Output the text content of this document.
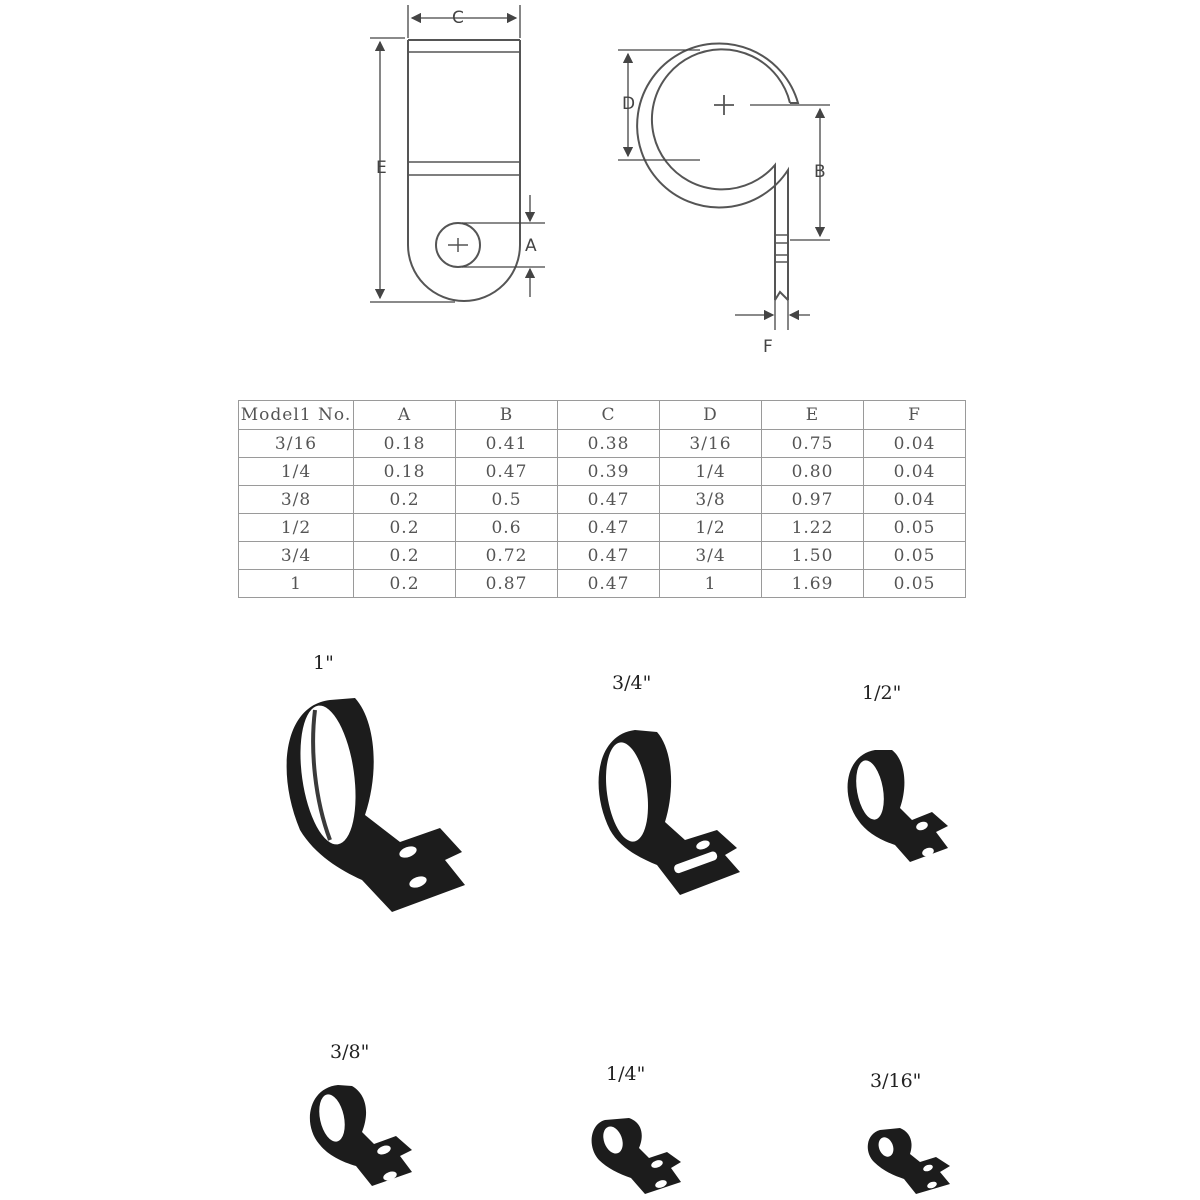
C
E
A
D
B
F
Model1 No.	A	B	C	D	E	F
3/16	0.18	0.41	0.38	3/16	0.75	0.04
1/4	0.18	0.47	0.39	1/4	0.80	0.04
3/8	0.2	0.5	0.47	3/8	0.97	0.04
1/2	0.2	0.6	0.47	1/2	1.22	0.05
3/4	0.2	0.72	0.47	3/4	1.50	0.05
1	0.2	0.87	0.47	1	1.69	0.05
1"
3/4"	1/2"
3/8"
1/4"	3/16"
